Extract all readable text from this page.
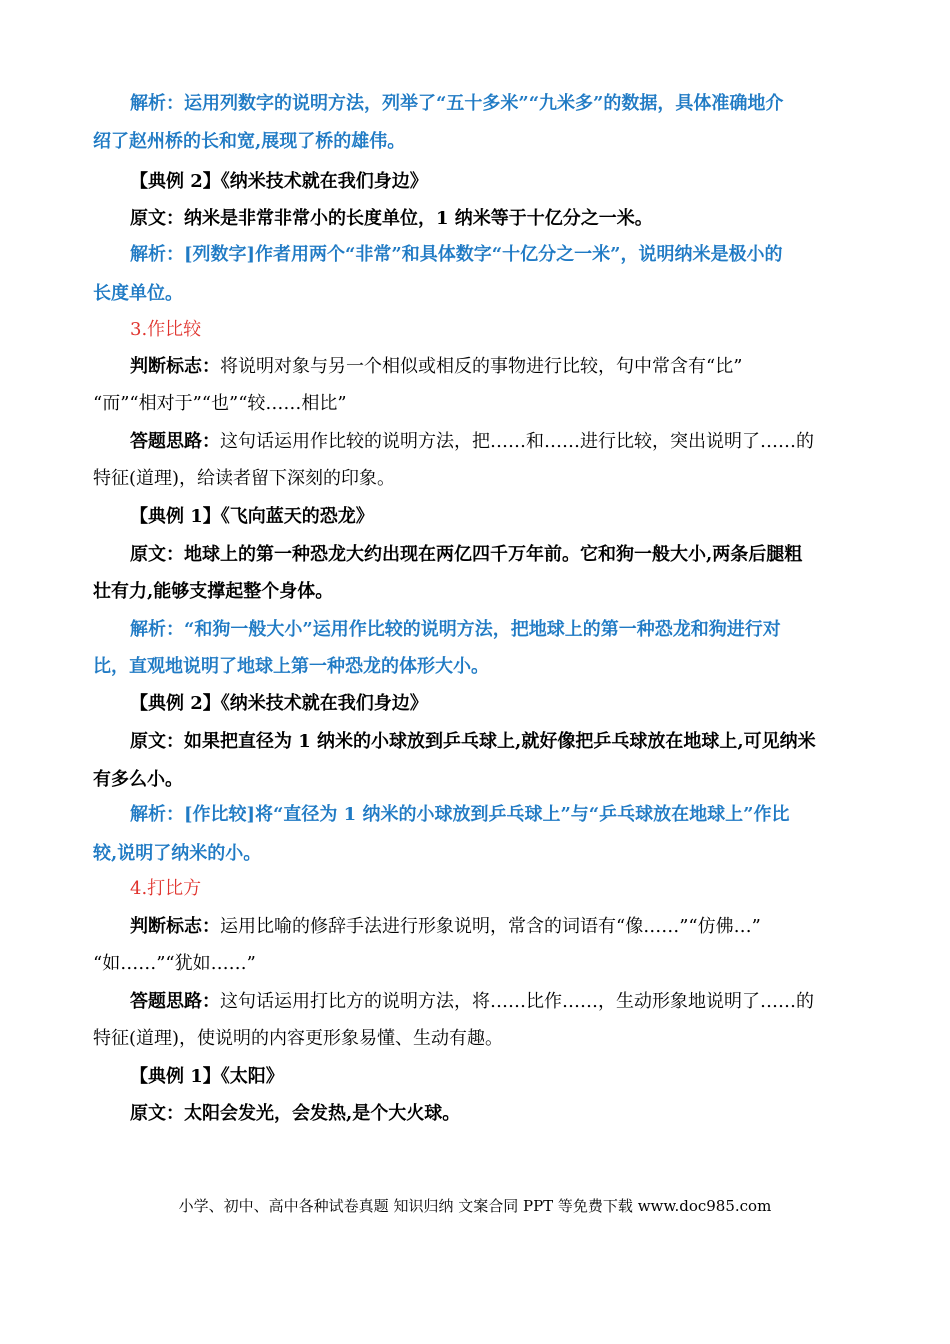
解析：运用列数字的说明方法，列举了“五十多米”“九米多”的数据，具体准确地介
绍了赵州桥的长和宽,展现了桥的雄伟。
【典例 2】《纳米技术就在我们身边》
原文：纳米是非常非常小的长度单位，1 纳米等于十亿分之一米。
解析：[列数字]作者用两个“非常”和具体数字“十亿分之一米”，说明纳米是极小的
长度单位。
3.作比较
判断标志：将说明对象与另一个相似或相反的事物进行比较，句中常含有“比”
“而”“相对于”“也”“较……相比”
答题思路：这句话运用作比较的说明方法，把……和……进行比较，突出说明了……的
特征(道理)，给读者留下深刻的印象。
【典例 1】《飞向蓝天的恐龙》
原文：地球上的第一种恐龙大约出现在两亿四千万年前。它和狗一般大小,两条后腿粗
壮有力,能够支撑起整个身体。
解析：“和狗一般大小”运用作比较的说明方法，把地球上的第一种恐龙和狗进行对
比，直观地说明了地球上第一种恐龙的体形大小。
【典例 2】《纳米技术就在我们身边》
原文：如果把直径为 1 纳米的小球放到乒乓球上,就好像把乒乓球放在地球上,可见纳米
有多么小。
解析：[作比较]将“直径为 1 纳米的小球放到乒乓球上”与“乒乓球放在地球上”作比
较,说明了纳米的小。
4.打比方
判断标志：运用比喻的修辞手法进行形象说明，常含的词语有“像……”“仿佛…”
“如……”“犹如……”
答题思路：这句话运用打比方的说明方法，将……比作……，生动形象地说明了……的
特征(道理)，使说明的内容更形象易懂、生动有趣。
【典例 1】《太阳》
原文：太阳会发光，会发热,是个大火球。
小学、初中、高中各种试卷真题 知识归纳 文案合同 PPT 等免费下载 www.doc985.com
